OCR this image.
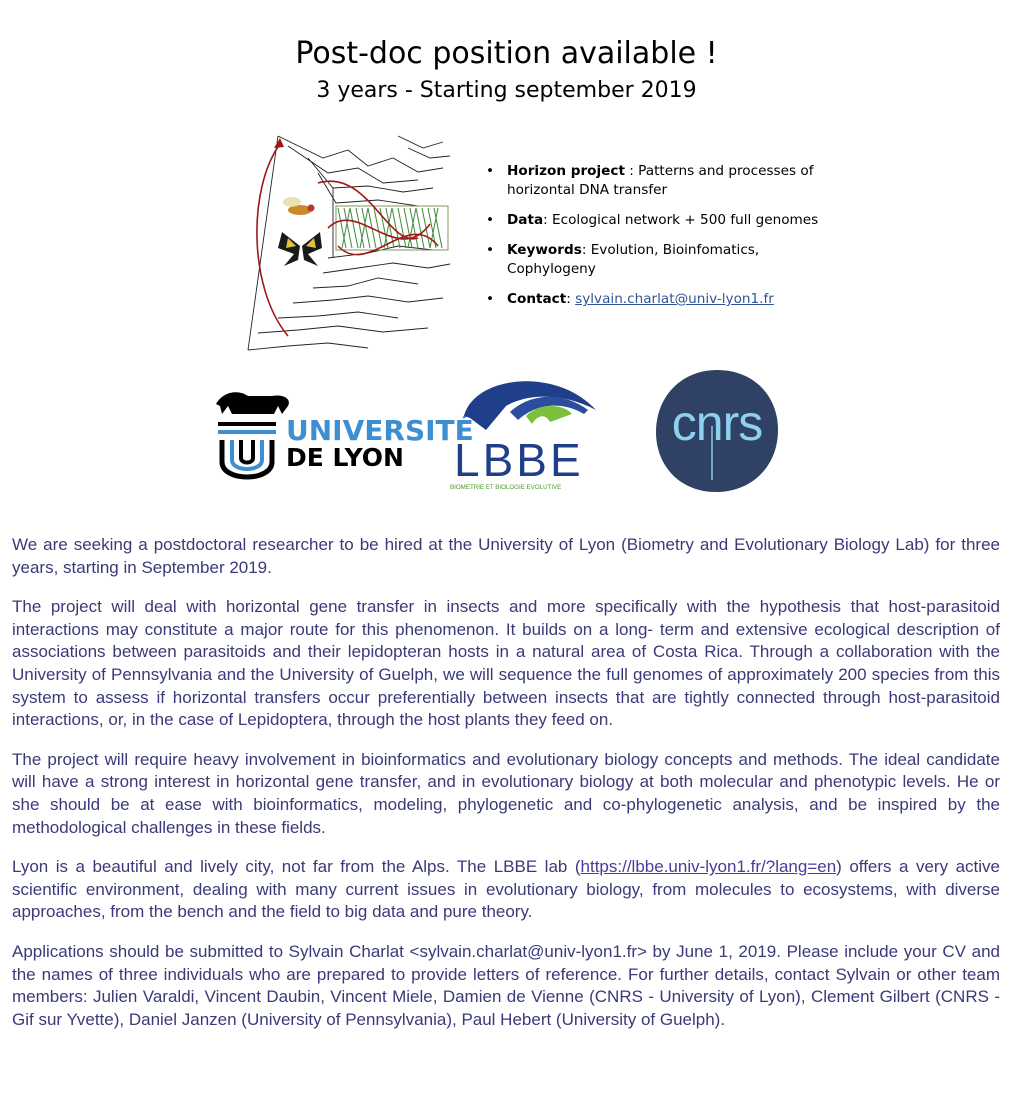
Post-doc position available !
3 years - Starting september 2019
• Horizon project : Patterns and processes of horizontal DNA transfer
• Data: Ecological network + 500 full genomes
• Keywords: Evolution, Bioinfomatics, Cophylogeny
• Contact: sylvain.charlat@univ-lyon1.fr
UNIVERSITÉ
DE LYON LBBE
BIOMETRIE ET BIOLOGIE EVOLUTIVE
cnrs

We are seeking a postdoctoral researcher to be hired at the University of Lyon (Biometry and Evolutionary Biology Lab) for three years, starting in September 2019.

The project will deal with horizontal gene transfer in insects and more specifically with the hypothesis that host-parasitoid interactions may constitute a major route for this phenomenon. It builds on a long- term and extensive ecological description of associations between parasitoids and their lepidopteran hosts in a natural area of Costa Rica. Through a collaboration with the University of Pennsylvania and the University of Guelph, we will sequence the full genomes of approximately 200 species from this system to assess if horizontal transfers occur preferentially between insects that are tightly connected through host-parasitoid interactions, or, in the case of Lepidoptera, through the host plants they feed on.

The project will require heavy involvement in bioinformatics and evolutionary biology concepts and methods. The ideal candidate will have a strong interest in horizontal gene transfer, and in evolutionary biology at both molecular and phenotypic levels. He or she should be at ease with bioinformatics, modeling, phylogenetic and co-phylogenetic analysis, and be inspired by the methodological challenges in these fields.

Lyon is a beautiful and lively city, not far from the Alps. The LBBE lab (https://lbbe.univ-lyon1.fr/?lang=en) offers a very active scientific environment, dealing with many current issues in evolutionary biology, from molecules to ecosystems, with diverse approaches, from the bench and the field to big data and pure theory.

Applications should be submitted to Sylvain Charlat <sylvain.charlat@univ-lyon1.fr> by June 1, 2019. Please include your CV and the names of three individuals who are prepared to provide letters of reference. For further details, contact Sylvain or other team members: Julien Varaldi, Vincent Daubin, Vincent Miele, Damien de Vienne (CNRS - University of Lyon), Clement Gilbert (CNRS - Gif sur Yvette), Daniel Janzen (University of Pennsylvania), Paul Hebert (University of Guelph).
